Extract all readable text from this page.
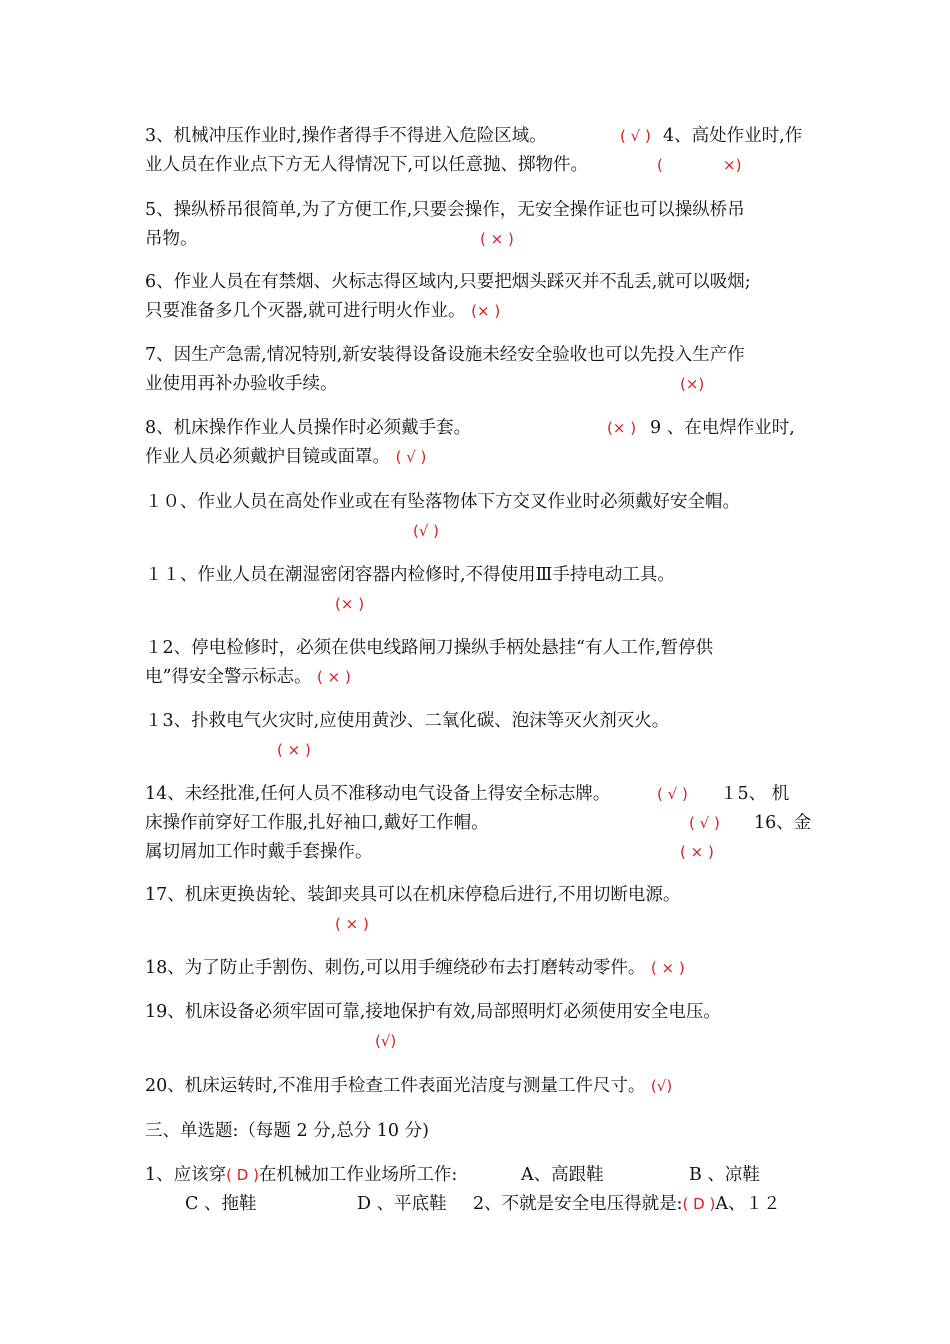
3、机械冲压作业时,操作者得手不得进入危险区域。	( √ ) 4、高处作业时,作
业人员在作业点下方无人得情况下,可以任意抛、掷物件。	(	×)
5、操纵桥吊很简单,为了方便工作,只要会操作，无安全操作证也可以操纵桥吊
吊物。	( × )
6、作业人员在有禁烟、火标志得区域内,只要把烟头踩灭并不乱丢,就可以吸烟;
只要准备多几个灭器,就可进行明火作业。 (× )
7、因生产急需,情况特别,新安装得设备设施未经安全验收也可以先投入生产作
业使用再补办验收手续。	(×)
8、机床操作作业人员操作时必须戴手套。	(× ) 9 、在电焊作业时,
作业人员必须戴护目镜或面罩。 ( √ )
１０、作业人员在高处作业或在有坠落物体下方交叉作业时必须戴好安全帽。
(√ )
１１、作业人员在潮湿密闭容器内检修时,不得使用Ⅲ手持电动工具。
(× )
１2、停电检修时，必须在供电线路闸刀操纵手柄处悬挂“有人工作,暂停供
电”得安全警示标志。 ( × )
１3、扑救电气火灾时,应使用黄沙、二氧化碳、泡沫等灭火剂灭火。
( × )
14、未经批准,任何人员不准移动电气设备上得安全标志牌。	( √ ) １5、 机
床操作前穿好工作服,扎好袖口,戴好工作帽。	( √ ) 16、金
属切屑加工作时戴手套操作。	( × )
17、机床更换齿轮、装卸夹具可以在机床停稳后进行,不用切断电源。
( × )
18、为了防止手割伤、刺伤,可以用手缠绕砂布去打磨转动零件。 ( × )
19、机床设备必须牢固可靠,接地保护有效,局部照明灯必须使用安全电压。
(√)
20、机床运转时,不准用手检查工件表面光洁度与测量工件尺寸。 (√)
三、单选题:（每题 2 分,总分 10 分)
1、应该穿( D )在机械加工作业场所工作:	A、高跟鞋	B 、凉鞋
C 、拖鞋	D 、平底鞋 2、不就是安全电压得就是:( D )A、１２
